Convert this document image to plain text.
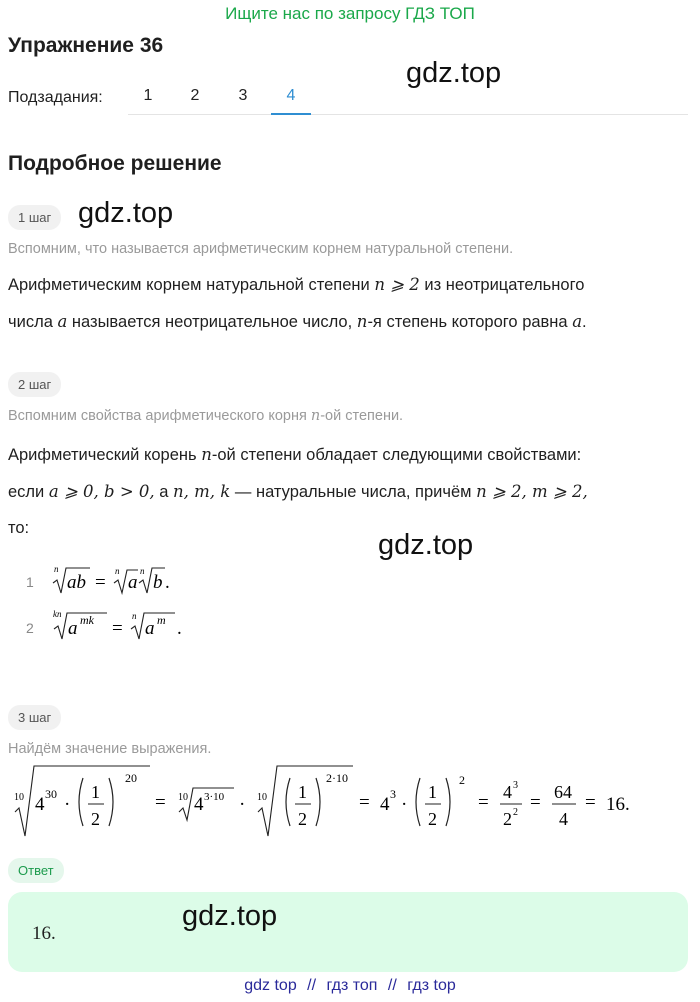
Ищите нас по запросу ГДЗ ТОП
Упражнение 36
gdz.top
Подзадания:	1	2	3	4
Подробное решение
1 шаг gdz.top
Вспомним, что называется арифметическим корнем натуральной степени.
Арифметическим корнем натуральной степени n ⩾ 2 из неотрицательного
числа a называется неотрицательное число, n-я степень которого равна a.
2 шаг
Вспомним свойства арифметического корня n-ой степени.
Арифметический корень n-ой степени обладает следующими свойствами:
если a ⩾ 0, b > 0, а n, m, k — натуральные числа, причём n ⩾ 2, m ⩾ 2,
то:
gdz.top
1
n
ab =
n
a
n
b .
2
kn
a mk =
n
a m .
3 шаг
Найдём значение выражения.
10 4 30 ·
1
2
20
= 10 4 3·10 · 10 1
2
2·10
= 4 3 ·
1
2
2
= 4 3
2 2 = 64
4
= 16.
Ответ
16.
gdz.top
gdz top // гдз топ // гдз top
